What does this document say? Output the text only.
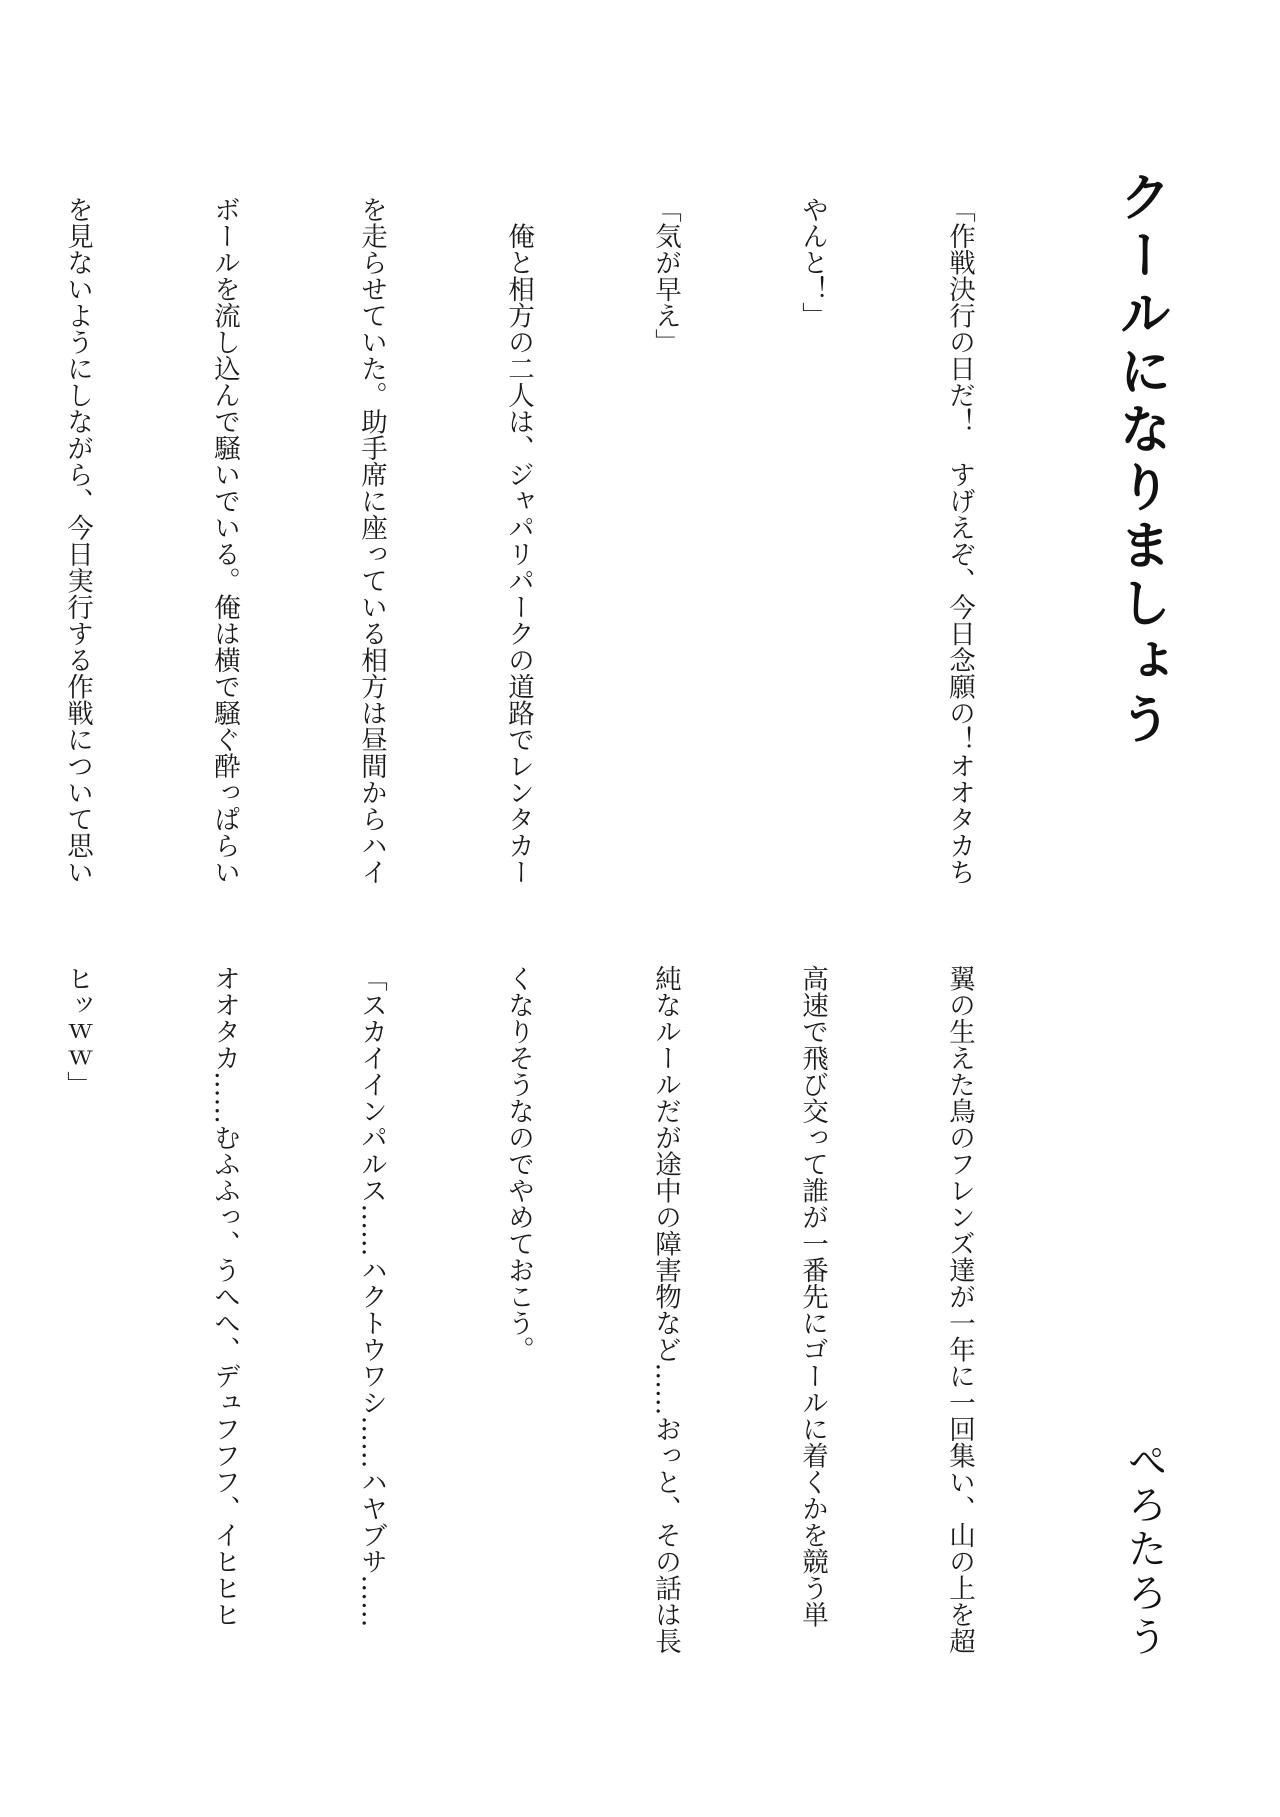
クールになりましょう
ぺろたろう

「作戦決行の日だ！　すげえぞ、今日念願の！オオタカち

やんと！」

「気が早え」

　俺と相方の二人は、ジャパリパークの道路でレンタカー

を走らせていた。助手席に座っている相方は昼間からハイ

ボールを流し込んで騒いでいる。俺は横で騒ぐ酔っぱらい

を見ないようにしながら、今日実行する作戦について思い

翼の生えた鳥のフレンズ達が一年に一回集い、山の上を超

高速で飛び交って誰が一番先にゴールに着くかを競う単

純なルールだが途中の障害物など……おっと、その話は長

くなりそうなのでやめておこう。

「スカイインパルス……ハクトウワシ……ハヤブサ……

オオタカ……むふふっ、うへへ、デュフフフ、イヒヒヒ

ヒッｗｗ」
